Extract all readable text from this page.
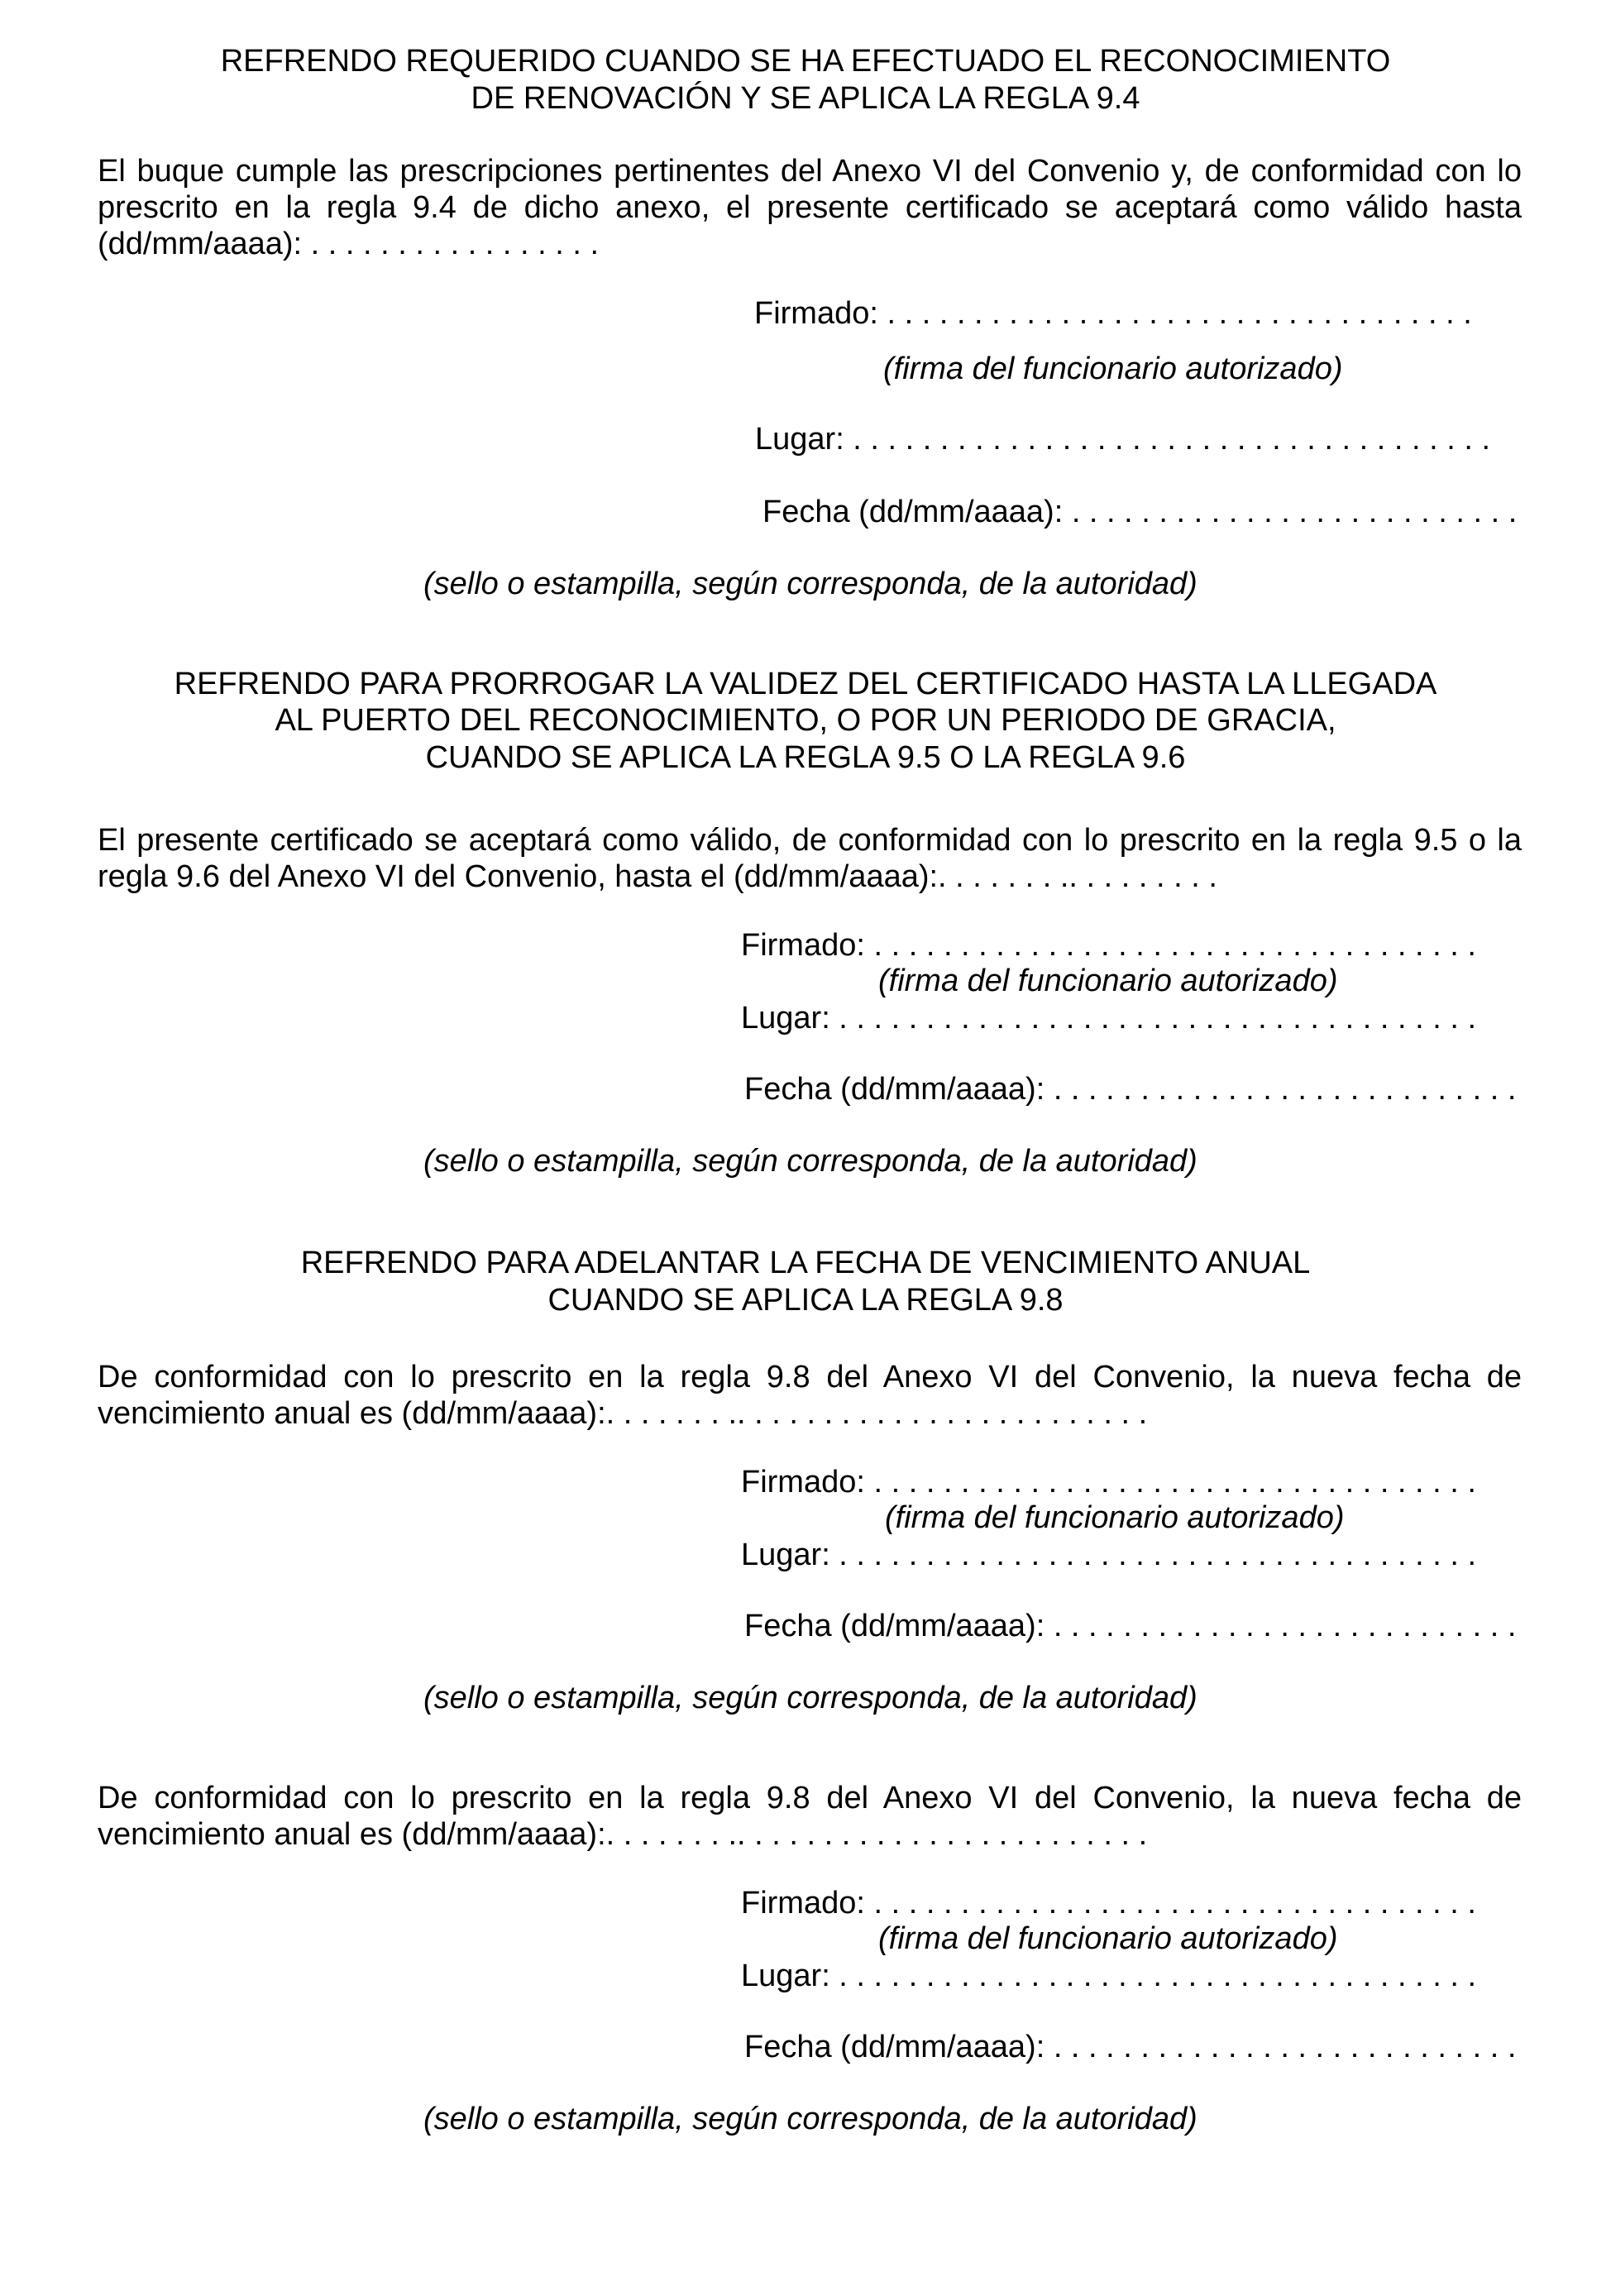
REFRENDO REQUERIDO CUANDO SE HA EFECTUADO EL RECONOCIMIENTO
DE RENOVACIÓN Y SE APLICA LA REGLA 9.4

El buque cumple las prescripciones pertinentes del Anexo VI del Convenio y, de conformidad con lo prescrito en la regla 9.4 de dicho anexo, el presente certificado se aceptará como válido hasta (dd/mm/aaaa): . . . . . . . . . . . . . . . . .

Firmado: . . . . . . . . . . . . . . . . . . . . . . . . . . . . . . . . . .
(firma del funcionario autorizado)
Lugar: . . . . . . . . . . . . . . . . . . . . . . . . . . . . . . . . . . . . .
Fecha (dd/mm/aaaa): . . . . . . . . . . . . . . . . . . . . . . . . . .
(sello o estampilla, según corresponda, de la autoridad)
REFRENDO PARA PRORROGAR LA VALIDEZ DEL CERTIFICADO HASTA LA LLEGADA
AL PUERTO DEL RECONOCIMIENTO, O POR UN PERIODO DE GRACIA,
CUANDO SE APLICA LA REGLA 9.5 O LA REGLA 9.6

El presente certificado se aceptará como válido, de conformidad con lo prescrito en la regla 9.5 o la regla 9.6 del Anexo VI del Convenio, hasta el (dd/mm/aaaa):. . . . . . . .. . . . . . . . .

Firmado: . . . . . . . . . . . . . . . . . . . . . . . . . . . . . . . . . . .
(firma del funcionario autorizado)
Lugar: . . . . . . . . . . . . . . . . . . . . . . . . . . . . . . . . . . . . .
Fecha (dd/mm/aaaa): . . . . . . . . . . . . . . . . . . . . . . . . . . .
(sello o estampilla, según corresponda, de la autoridad)
REFRENDO PARA ADELANTAR LA FECHA DE VENCIMIENTO ANUAL
CUANDO SE APLICA LA REGLA 9.8

De conformidad con lo prescrito en la regla 9.8 del Anexo VI del Convenio, la nueva fecha de vencimiento anual es (dd/mm/aaaa):. . . . . . . .. . . . . . . . . . . . . . . . . . . . . . . .

Firmado: . . . . . . . . . . . . . . . . . . . . . . . . . . . . . . . . . . .
(firma del funcionario autorizado)
Lugar: . . . . . . . . . . . . . . . . . . . . . . . . . . . . . . . . . . . . .
Fecha (dd/mm/aaaa): . . . . . . . . . . . . . . . . . . . . . . . . . . .
(sello o estampilla, según corresponda, de la autoridad)

De conformidad con lo prescrito en la regla 9.8 del Anexo VI del Convenio, la nueva fecha de vencimiento anual es (dd/mm/aaaa):. . . . . . . .. . . . . . . . . . . . . . . . . . . . . . . .

Firmado: . . . . . . . . . . . . . . . . . . . . . . . . . . . . . . . . . . .
(firma del funcionario autorizado)
Lugar: . . . . . . . . . . . . . . . . . . . . . . . . . . . . . . . . . . . . .
Fecha (dd/mm/aaaa): . . . . . . . . . . . . . . . . . . . . . . . . . . .
(sello o estampilla, según corresponda, de la autoridad)
